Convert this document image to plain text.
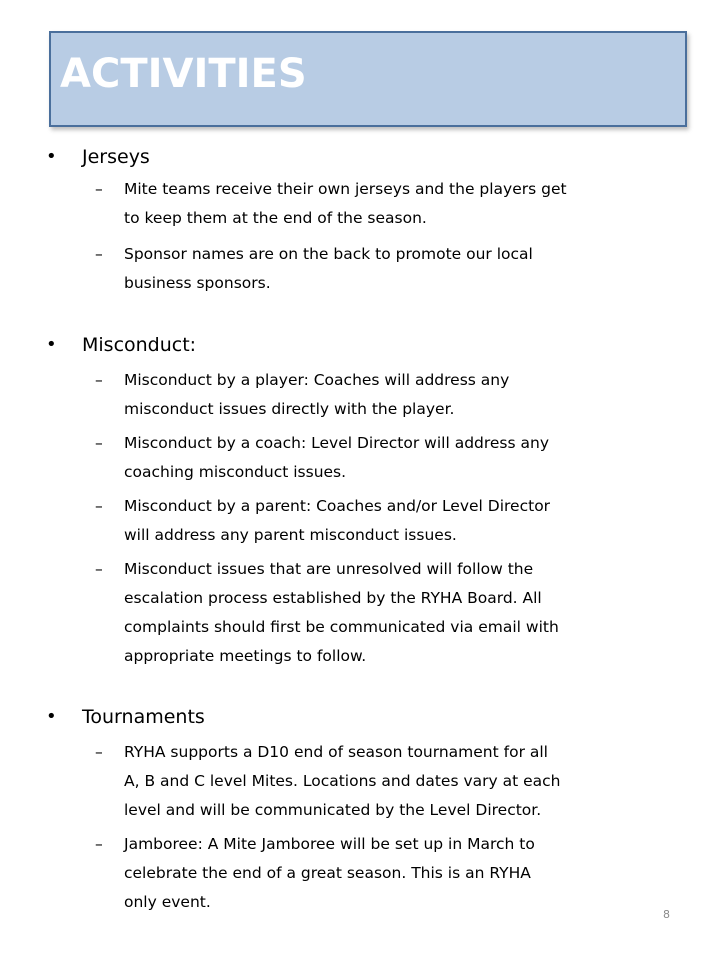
ACTIVITIES
• Jerseys
– Mite teams receive their own jerseys and the players get
to keep them at the end of the season.
– Sponsor names are on the back to promote our local
business sponsors.
• Misconduct:
– Misconduct by a player: Coaches will address any
misconduct issues directly with the player.
– Misconduct by a coach: Level Director will address any
coaching misconduct issues.
– Misconduct by a parent: Coaches and/or Level Director
will address any parent misconduct issues.
– Misconduct issues that are unresolved will follow the
escalation process established by the RYHA Board. All
complaints should first be communicated via email with
appropriate meetings to follow.
• Tournaments
– RYHA supports a D10 end of season tournament for all
A, B and C level Mites. Locations and dates vary at each
level and will be communicated by the Level Director.
– Jamboree: A Mite Jamboree will be set up in March to
celebrate the end of a great season. This is an RYHA
only event.
8
